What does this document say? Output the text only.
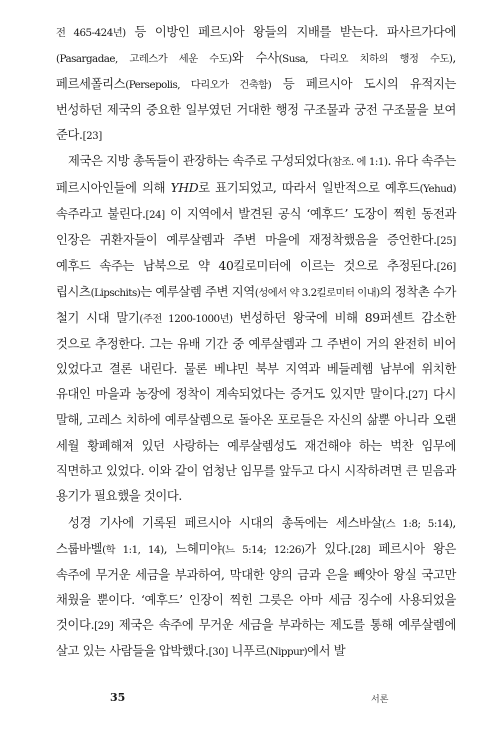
전 465-424년) 등 이방인 페르시아 왕들의 지배를 받는다. 파사르가다에 (Pasargadae, 고레스가 세운 수도)와 수사(Susa, 다리오 치하의 행정 수도), 페르세폴리스(Persepolis, 다리오가 건축함) 등 페르시아 도시의 유적지는 번성하던 제국의 중요한 일부였던 거대한 행정 구조물과 궁전 구조물을 보여 준다.[23]

제국은 지방 총독들이 관장하는 속주로 구성되었다(참조. 에 1:1). 유다 속주는 페르시아인들에 의해 YHD로 표기되었고, 따라서 일반적으로 예후드(Yehud) 속주라고 불린다.[24] 이 지역에서 발견된 공식 ‘예후드’ 도장이 찍힌 동전과 인장은 귀환자들이 예루살렘과 주변 마을에 재정착했음을 증언한다.[25] 예후드 속주는 남북으로 약 40킬로미터에 이르는 것으로 추정된다.[26] 립시츠(Lipschits)는 예루살렘 주변 지역(성에서 약 3.2킬로미터 이내)의 정착촌 수가 철기 시대 말기(주전 1200-1000년) 번성하던 왕국에 비해 89퍼센트 감소한 것으로 추정한다. 그는 유배 기간 중 예루살렘과 그 주변이 거의 완전히 비어 있었다고 결론 내린다. 물론 베냐민 북부 지역과 베들레헴 남부에 위치한 유대인 마을과 농장에 정착이 계속되었다는 증거도 있지만 말이다.[27] 다시 말해, 고레스 치하에 예루살렘으로 돌아온 포로들은 자신의 삶뿐 아니라 오랜 세월 황폐해져 있던 사랑하는 예루살렘성도 재건해야 하는 벅찬 임무에 직면하고 있었다. 이와 같이 엄청난 임무를 앞두고 다시 시작하려면 큰 믿음과 용기가 필요했을 것이다.

성경 기사에 기록된 페르시아 시대의 총독에는 세스바살(스 1:8; 5:14), 스룹바벨(학 1:1, 14), 느헤미야(느 5:14; 12:26)가 있다.[28] 페르시아 왕은 속주에 무거운 세금을 부과하여, 막대한 양의 금과 은을 빼앗아 왕실 국고만 채웠을 뿐이다. ‘예후드’ 인장이 찍힌 그릇은 아마 세금 징수에 사용되었을 것이다.[29] 제국은 속주에 무거운 세금을 부과하는 제도를 통해 예루살렘에 살고 있는 사람들을 압박했다.[30] 니푸르(Nippur)에서 발

35	서론
